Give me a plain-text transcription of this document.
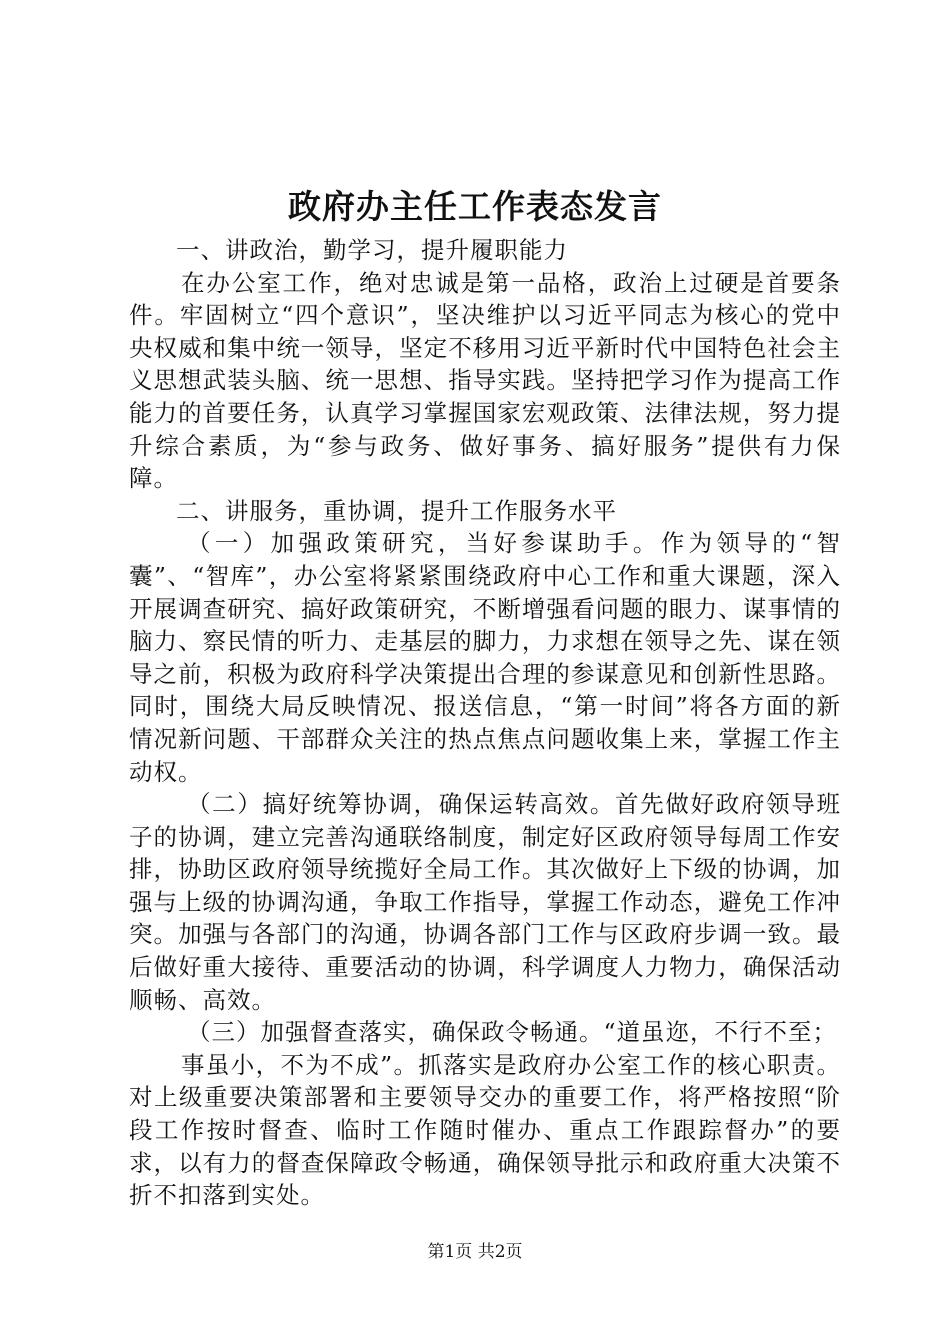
政府办主任工作表态发言

一、讲政治，勤学习，提升履职能力

在办公室工作，绝对忠诚是第一品格，政治上过硬是首要条件。牢固树立“四个意识”，坚决维护以习近平同志为核心的党中央权威和集中统一领导，坚定不移用习近平新时代中国特色社会主义思想武装头脑、统一思想、指导实践。坚持把学习作为提高工作能力的首要任务，认真学习掌握国家宏观政策、法律法规，努力提升综合素质，为“参与政务、做好事务、搞好服务”提供有力保障。

二、讲服务，重协调，提升工作服务水平

（一）加强政策研究，当好参谋助手。作为领导的“智囊”、“智库”，办公室将紧紧围绕政府中心工作和重大课题，深入开展调查研究、搞好政策研究，不断增强看问题的眼力、谋事情的脑力、察民情的听力、走基层的脚力，力求想在领导之先、谋在领导之前，积极为政府科学决策提出合理的参谋意见和创新性思路。同时，围绕大局反映情况、报送信息，“第一时间”将各方面的新情况新问题、干部群众关注的热点焦点问题收集上来，掌握工作主动权。

（二）搞好统筹协调，确保运转高效。首先做好政府领导班子的协调，建立完善沟通联络制度，制定好区政府领导每周工作安排，协助区政府领导统揽好全局工作。其次做好上下级的协调，加强与上级的协调沟通，争取工作指导，掌握工作动态，避免工作冲突。加强与各部门的沟通，协调各部门工作与区政府步调一致。最后做好重大接待、重要活动的协调，科学调度人力物力，确保活动顺畅、高效。

（三）加强督查落实，确保政令畅通。“道虽迩，不行不至；

事虽小，不为不成”。抓落实是政府办公室工作的核心职责。对上级重要决策部署和主要领导交办的重要工作，将严格按照“阶段工作按时督查、临时工作随时催办、重点工作跟踪督办”的要求，以有力的督查保障政令畅通，确保领导批示和政府重大决策不折不扣落到实处。

第1页 共2页
